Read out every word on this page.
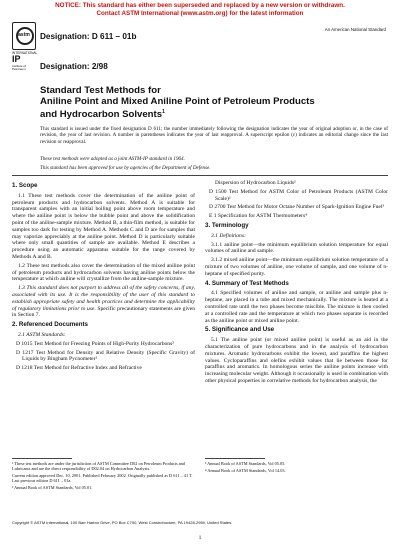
NOTICE: This standard has either been superseded and replaced by a new version or withdrawn.
Contact ASTM International (www.astm.org) for the latest information
astm
INTERNATIONAL
Designation: D 611 – 01b
An American National Standard
IP
Institute of
Petroleum	Designation: 2/98
Standard Test Methods for
Aniline Point and Mixed Aniline Point of Petroleum Products
and Hydrocarbon Solvents$^1$
This standard is issued under the fixed designation D 611; the number immediately following the designation indicates the year of original adoption or, in the case of revision, the year of last revision. A number in parentheses indicates the year of last reapproval. A superscript epsilon (ε) indicates an editorial change since the last revision or reapproval.
These test methods were adopted as a joint ASTM-IP standard in 1964.
This standard has been approved for use by agencies of the Department of Defense.
1. Scope

1.1 These test methods cover the determination of the aniline point of petroleum products and hydrocarbon solvents. Method A is suitable for transparent samples with an initial boiling point above room temperature and where the aniline point is below the bubble point and above the solidification point of the aniline-sample mixture. Method B, a thin-film method, is suitable for samples too dark for testing by Method A. Methods C and D are for samples that may vaporize appreciably at the aniline point. Method D is particularly suitable where only small quantities of sample are available. Method E describes a procedure using an automatic apparatus suitable for the range covered by Methods A and B.

1.2 These test methods also cover the determination of the mixed aniline point of petroleum products and hydrocarbon solvents having aniline points below the temperature at which aniline will crystallize from the aniline-sample mixture.

1.3 This standard does not purport to address all of the safety concerns, if any, associated with its use. It is the responsibility of the user of this standard to establish appropriate safety and health practices and determine the applicability of regulatory limitations prior to use. Specific precautionary statements are given in Section 7.

2. Referenced Documents

2.1 ASTM Standards:

D 1015 Test Method for Freezing Points of High-Purity Hydrocarbons²

D 1217 Test Method for Density and Relative Density (Specific Gravity) of Liquids by Bingham Pycnometer²

D 1218 Test Method for Refractive Index and Refractive

Dispersion of Hydrocarbon Liquids²

D 1500 Test Method for ASTM Color of Petroleum Products (ASTM Color Scale)²

D 2700 Test Method for Motor Octane Number of Spark-Ignition Engine Fuel³

E 1 Specification for ASTM Thermometers⁴

3. Terminology

3.1 Definitions:

3.1.1 aniline point—the minimum equilibrium solution temperature for equal volumes of aniline and sample.

3.1.2 mixed aniline point—the minimum equilibrium solution temperature of a mixture of two volumes of aniline, one volume of sample, and one volume of n-heptane of specified purity.

4. Summary of Test Methods

4.1 Specified volumes of aniline and sample, or aniline and sample plus n-heptane, are placed in a tube and mixed mechanically. The mixture is heated at a controlled rate until the two phases become miscible. The mixture is then cooled at a controlled rate and the temperature at which two phases separate is recorded as the aniline point or mixed aniline point.

5. Significance and Use

5.1 The aniline point (or mixed aniline point) is useful as an aid in the characterization of pure hydrocarbons and in the analysis of hydrocarbon mixtures. Aromatic hydrocarbons exhibit the lowest, and paraffins the highest values. Cycloparaffins and olefins exhibit values that lie between those for paraffins and aromatics. In homologous series the aniline points increase with increasing molecular weight. Although it occasionally is used in combination with other physical properties in correlative methods for hydrocarbon analysis, the

¹ These test methods are under the jurisdiction of ASTM Committee D02 on Petroleum Products and Lubricants and are the direct responsibility of D02.04 on Hydrocarbon Analysis.

Current edition approved Dec. 10, 2001. Published February 2002. Originally published as D 611 – 41 T. Last previous edition D 611 – 01a.

² Annual Book of ASTM Standards, Vol 05.01.

³ Annual Book of ASTM Standards, Vol 05.05.

⁴ Annual Book of ASTM Standards, Vol 14.03.

Copyright © ASTM International, 100 Barr Harbor Drive, PO Box C700, West Conshohocken, PA 19428-2959, United States.
1
